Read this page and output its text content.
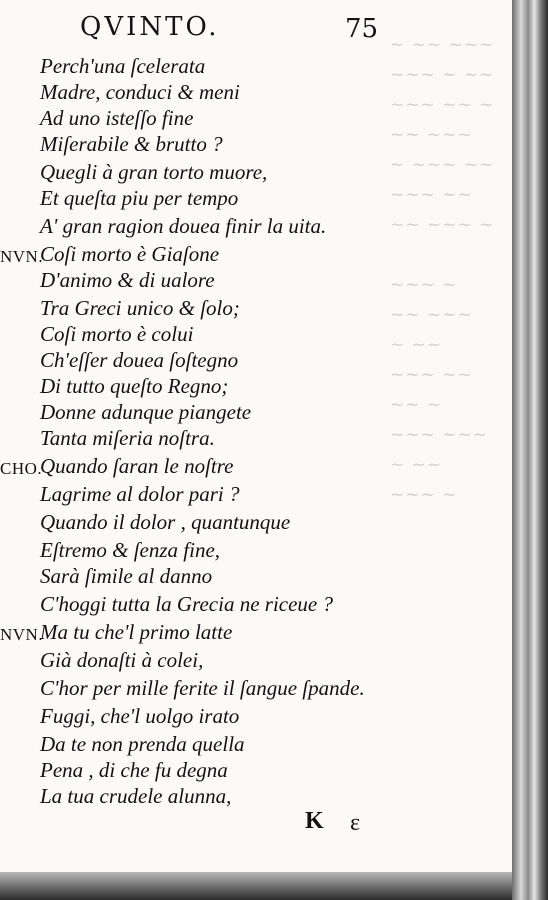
~ ~~ ~~~
~~~ ~ ~~
~~~ ~~ ~
~~ ~~~
~ ~~~ ~~
~~~ ~~
~~ ~~~ ~

~~~ ~
~~ ~~~
~ ~~
~~~ ~~
~~ ~
~~~ ~~~
~ ~~
~~~ ~
QVINTO.	75
Perch'una ſcelerata
Madre, conduci & meni
Ad uno isteſſo fine
Miſerabile & brutto ?
Quegli à gran torto muore,
Et queſta piu per tempo
A' gran ragion douea finir la uita.
NVN.
Coſi morto è Giaſone
D'animo & di ualore
Tra Greci unico & ſolo;
Coſi morto è colui
Ch'eſſer douea ſoſtegno
Di tutto queſto Regno;
Donne adunque piangete
Tanta miſeria noſtra.
CHO.
Quando ſaran le noſtre
Lagrime al dolor pari ?
Quando il dolor , quantunque
Eſtremo & ſenza fine,
Sarà ſimile al danno
C'hoggi tutta la Grecia ne riceue ?
NVN.
Ma tu che'l primo latte
Già donaſti à colei,
C'hor per mille ferite il ſangue ſpande.
Fuggi, che'l uolgo irato
Da te non prenda quella
Pena , di che fu degna
La tua crudele alunna,
K ε
